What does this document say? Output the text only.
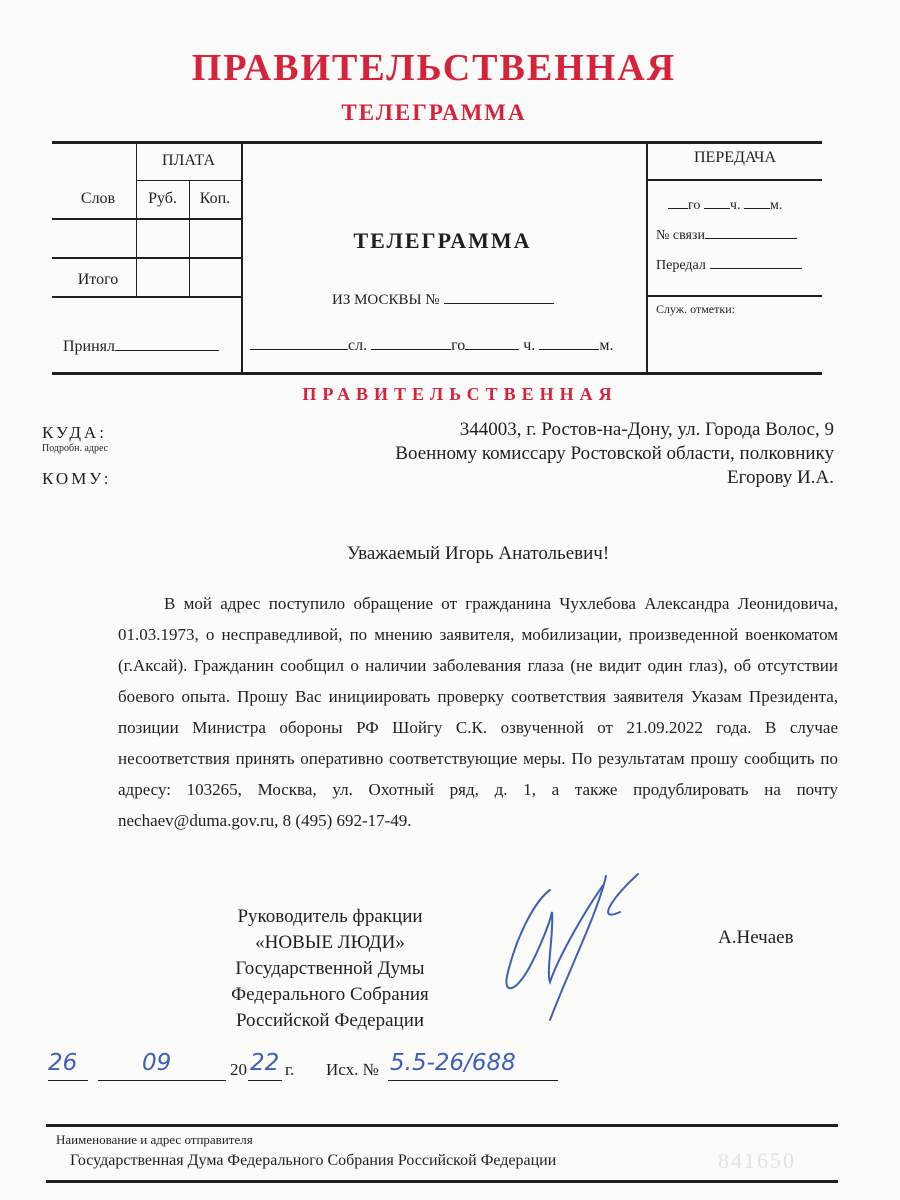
ПРАВИТЕЛЬСТВЕННАЯ
ТЕЛЕГРАММА
ПЛАТА
Слов	Руб.	Коп.
Итого
Принял
ТЕЛЕГРАММА
ИЗ МОСКВЫ №
сл.	го	ч.	м.
ПЕРЕДАЧА
го ч. м.
№ связи
Передал
Служ. отметки:
ПРАВИТЕЛЬСТВЕННАЯ
КУДА:
Подробн. адрес
КОМУ:
344003, г. Ростов-на-Дону, ул. Города Волос, 9
Военному комиссару Ростовской области, полковнику
Егорову И.А.
Уважаемый Игорь Анатольевич!
В мой адрес поступило обращение от гражданина Чухлебова Александра Леонидовича, 01.03.1973, о несправедливой, по мнению заявителя, мобилизации, произведенной военкоматом (г.Аксай). Гражданин сообщил о наличии заболевания глаза (не видит один глаз), об отсутствии боевого опыта. Прошу Вас инициировать проверку соответствия заявителя Указам Президента, позиции Министра обороны РФ Шойгу С.К. озвученной от 21.09.2022 года. В случае несоответствия принять оперативно соответствующие меры. По результатам прошу сообщить по адресу: 103265, Москва, ул. Охотный ряд, д. 1, а также продублировать на почту nechaev@duma.gov.ru, 8 (495) 692-17-49.
Руководитель фракции
«НОВЫЕ ЛЮДИ»
Государственной Думы
Федерального Собрания
Российской Федерации
А.Нечаев
26	09	20 22 г. Исх. № 5.5-26/688
Наименование и адрес отправителя
Государственная Дума Федерального Собрания Российской Федерации	841650
